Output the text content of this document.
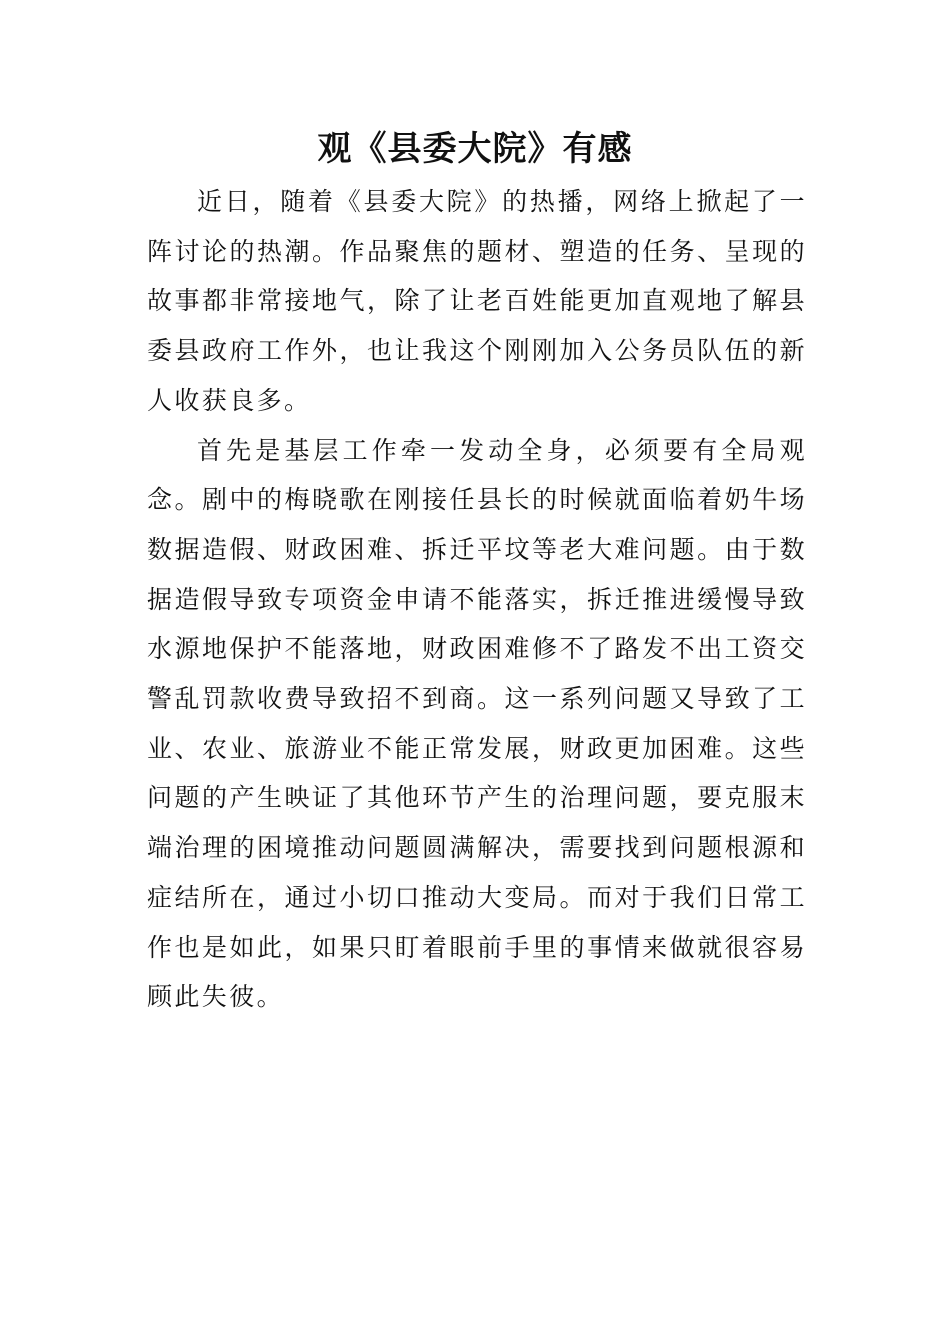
观《县委大院》有感

近日，随着《县委大院》的热播，网络上掀起了一阵讨论的热潮。作品聚焦的题材、塑造的任务、呈现的故事都非常接地气，除了让老百姓能更加直观地了解县委县政府工作外，也让我这个刚刚加入公务员队伍的新人收获良多。

首先是基层工作牵一发动全身，必须要有全局观念。剧中的梅晓歌在刚接任县长的时候就面临着奶牛场数据造假、财政困难、拆迁平坟等老大难问题。由于数据造假导致专项资金申请不能落实，拆迁推进缓慢导致水源地保护不能落地，财政困难修不了路发不出工资交警乱罚款收费导致招不到商。这一系列问题又导致了工业、农业、旅游业不能正常发展，财政更加困难。这些问题的产生映证了其他环节产生的治理问题，要克服末端治理的困境推动问题圆满解决，需要找到问题根源和症结所在，通过小切口推动大变局。而对于我们日常工作也是如此，如果只盯着眼前手里的事情来做就很容易顾此失彼。
